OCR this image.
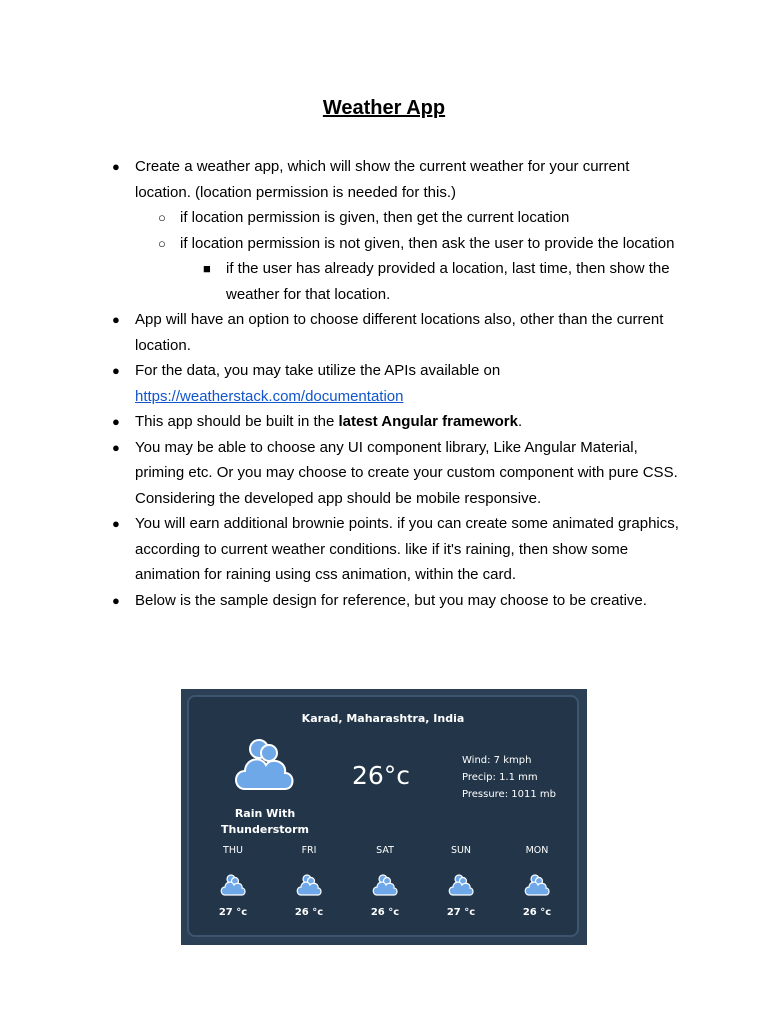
Weather App
● Create a weather app, which will show the current weather for your current location. (location permission is needed for this.)
○ if location permission is given, then get the current location
○ if location permission is not given, then ask the user to provide the location
■ if the user has already provided a location, last time, then show the weather for that location.
● App will have an option to choose different locations also, other than the current location.
● For the data, you may take utilize the APIs available on https://weatherstack.com/documentation
● This app should be built in the latest Angular framework.
● You may be able to choose any UI component library, Like Angular Material, priming etc. Or you may choose to create your custom component with pure CSS. Considering the developed app should be mobile responsive.
● You will earn additional brownie points. if you can create some animated graphics, according to current weather conditions. like if it's raining, then show some animation for raining using css animation, within the card.
● Below is the sample design for reference, but you may choose to be creative.
Karad, Maharashtra, India
Rain With Thunderstorm
26°c
Wind: 7 kmph
Precip: 1.1 mm
Pressure: 1011 mb
THU
27 °c
FRI
26 °c
SAT
26 °c
SUN
27 °c
MON
26 °c
